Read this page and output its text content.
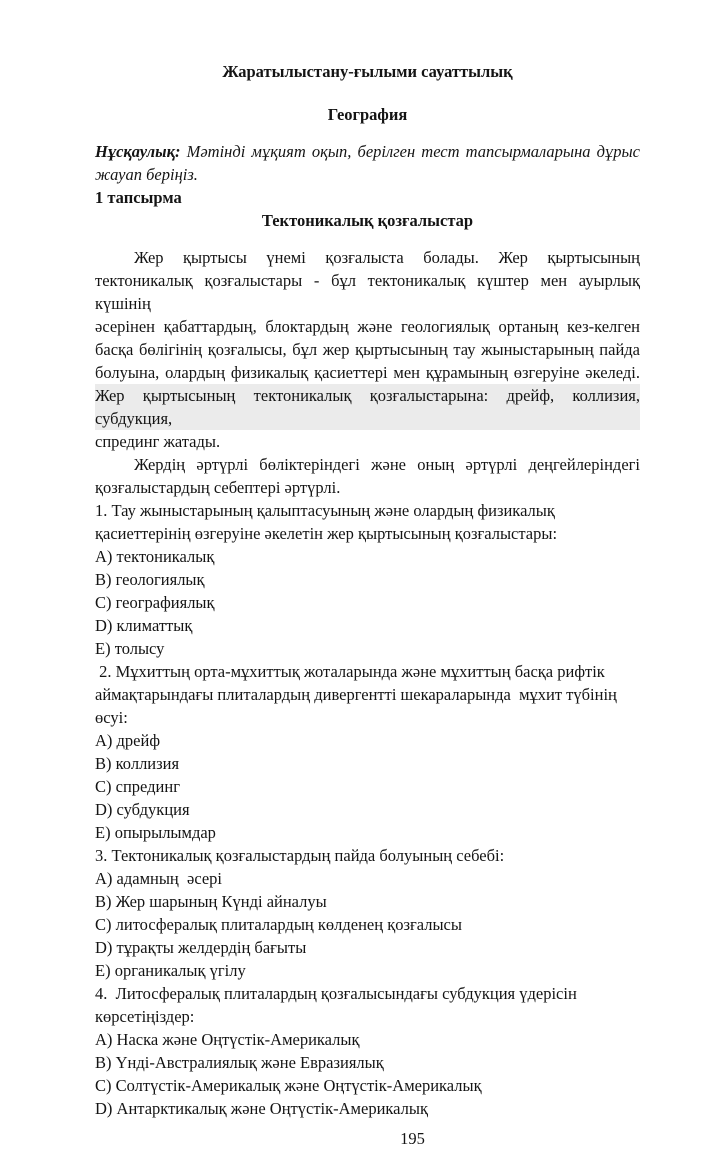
Жаратылыстану-ғылыми сауаттылық
География
Нұсқаулық: Мәтінді мұқият оқып, берілген тест тапсырмаларына дұрыс
жауап беріңіз.
1 тапсырма
Тектоникалық қозғалыстар
Жер қыртысы үнемі қозғалыста болады. Жер қыртысының
тектоникалық қозғалыстары - бұл тектоникалық күштер мен ауырлық күшінің
әсерінен қабаттардың, блоктардың және геологиялық ортаның кез-келген
басқа бөлігінің қозғалысы, бұл жер қыртысының тау жыныстарының пайда
болуына, олардың физикалық қасиеттері мен құрамының өзгеруіне әкеледі.
Жер қыртысының тектоникалық қозғалыстарына: дрейф, коллизия, субдукция,
спрединг жатады.
Жердің әртүрлі бөліктеріндегі және оның әртүрлі деңгейлеріндегі
қозғалыстардың себептері әртүрлі.
1. Тау жыныстарының қалыптасуының және олардың физикалық
қасиеттерінің өзгеруіне әкелетін жер қыртысының қозғалыстары:
A) тектоникалық
B) геологиялық
C) географиялық
D) климаттық
E) толысу
2. Мұхиттың орта-мұхиттық жоталарында және мұхиттың басқа рифтік
аймақтарындағы плиталардың дивергентті шекараларында  мұхит түбінің өсуі:
A) дрейф
B) коллизия
C) спрединг
D) субдукция
E) опырылымдар
3. Тектоникалық қозғалыстардың пайда болуының себебі:
A) адамның  әсері
B) Жер шарының Күнді айналуы
C) литосфералық плиталардың көлденең қозғалысы
D) тұрақты желдердің бағыты
E) органикалық үгілу
4.  Литосфералық плиталардың қозғалысындағы субдукция үдерісін
көрсетіңіздер:
A) Наска және Оңтүстік-Америкалық
B) Үнді-Австралиялық және Евразиялық
C) Солтүстік-Америкалық және Оңтүстік-Америкалық
D) Антарктикалық және Оңтүстік-Америкалық
195
